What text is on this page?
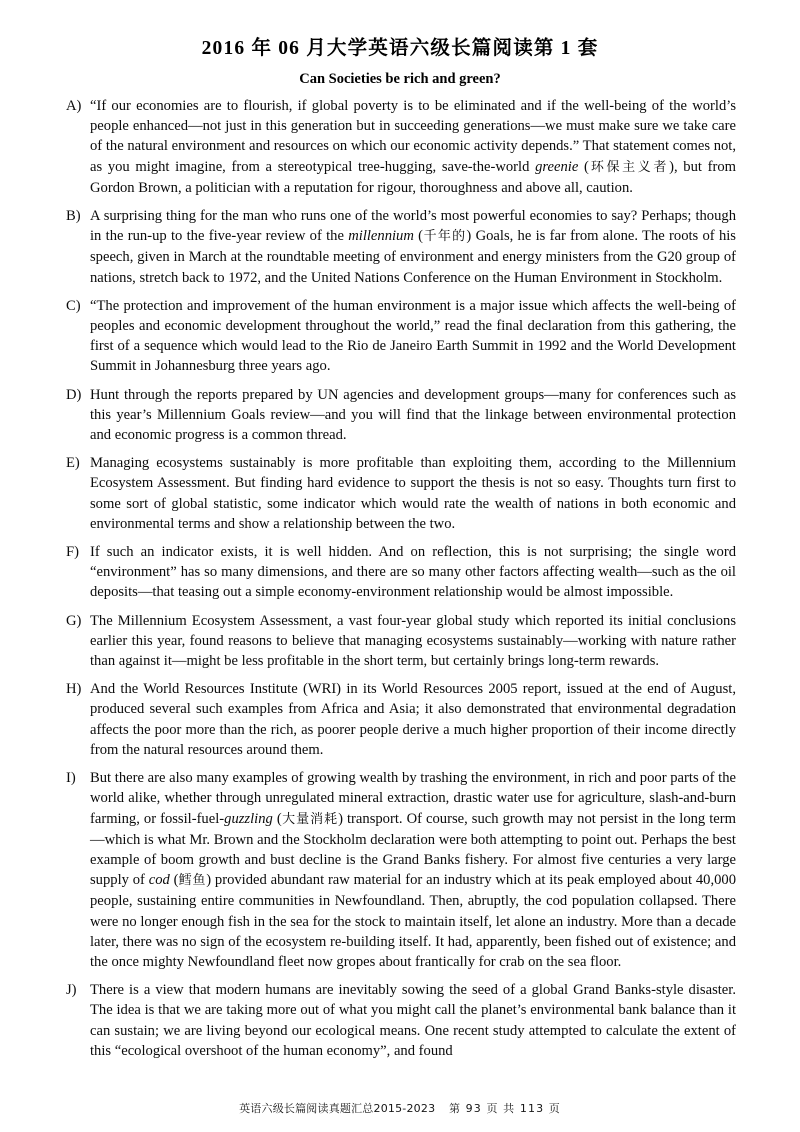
2016 年 06 月大学英语六级长篇阅读第 1 套
Can Societies be rich and green?
A) “If our economies are to flourish, if global poverty is to be eliminated and if the well-being of the world’s people enhanced—not just in this generation but in succeeding generations—we must make sure we take care of the natural environment and resources on which our economic activity depends.” That statement comes not, as you might imagine, from a stereotypical tree-hugging, save-the-world greenie (环保主义者), but from Gordon Brown, a politician with a reputation for rigour, thoroughness and above all, caution.
B) A surprising thing for the man who runs one of the world’s most powerful economies to say? Perhaps; though in the run-up to the five-year review of the millennium (千年的) Goals, he is far from alone. The roots of his speech, given in March at the roundtable meeting of environment and energy ministers from the G20 group of nations, stretch back to 1972, and the United Nations Conference on the Human Environment in Stockholm.
C) “The protection and improvement of the human environment is a major issue which affects the well-being of peoples and economic development throughout the world,” read the final declaration from this gathering, the first of a sequence which would lead to the Rio de Janeiro Earth Summit in 1992 and the World Development Summit in Johannesburg three years ago.
D) Hunt through the reports prepared by UN agencies and development groups—many for conferences such as this year’s Millennium Goals review—and you will find that the linkage between environmental protection and economic progress is a common thread.
E) Managing ecosystems sustainably is more profitable than exploiting them, according to the Millennium Ecosystem Assessment. But finding hard evidence to support the thesis is not so easy. Thoughts turn first to some sort of global statistic, some indicator which would rate the wealth of nations in both economic and environmental terms and show a relationship between the two.
F) If such an indicator exists, it is well hidden. And on reflection, this is not surprising; the single word “environment” has so many dimensions, and there are so many other factors affecting wealth—such as the oil deposits—that teasing out a simple economy-environment relationship would be almost impossible.
G) The Millennium Ecosystem Assessment, a vast four-year global study which reported its initial conclusions earlier this year, found reasons to believe that managing ecosystems sustainably—working with nature rather than against it—might be less profitable in the short term, but certainly brings long-term rewards.
H) And the World Resources Institute (WRI) in its World Resources 2005 report, issued at the end of August, produced several such examples from Africa and Asia; it also demonstrated that environmental degradation affects the poor more than the rich, as poorer people derive a much higher proportion of their income directly from the natural resources around them.
I) But there are also many examples of growing wealth by trashing the environment, in rich and poor parts of the world alike, whether through unregulated mineral extraction, drastic water use for agriculture, slash-and-burn farming, or fossil-fuel-guzzling (大量消耗) transport. Of course, such growth may not persist in the long term—which is what Mr. Brown and the Stockholm declaration were both attempting to point out. Perhaps the best example of boom growth and bust decline is the Grand Banks fishery. For almost five centuries a very large supply of cod (鳕鱼) provided abundant raw material for an industry which at its peak employed about 40,000 people, sustaining entire communities in Newfoundland. Then, abruptly, the cod population collapsed. There were no longer enough fish in the sea for the stock to maintain itself, let alone an industry. More than a decade later, there was no sign of the ecosystem re-building itself. It had, apparently, been fished out of existence; and the once mighty Newfoundland fleet now gropes about frantically for crab on the sea floor.
J) There is a view that modern humans are inevitably sowing the seed of a global Grand Banks-style disaster. The idea is that we are taking more out of what you might call the planet’s environmental bank balance than it can sustain; we are living beyond our ecological means. One recent study attempted to calculate the extent of this “ecological overshoot of the human economy”, and found
英语六级长篇阅读真题汇总2015-2023 第 93 页 共 113 页
